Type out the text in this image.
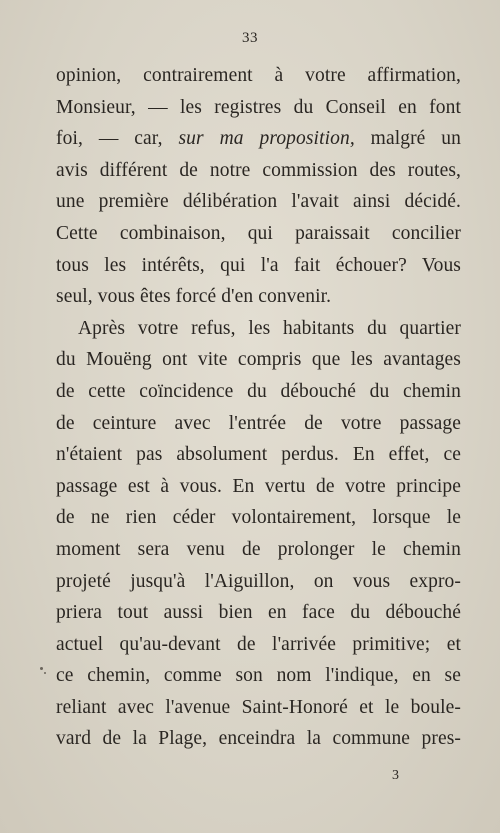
33
opinion, contrairement à votre affirmation,
Monsieur, — les registres du Conseil en font
foi, — car, sur ma proposition, malgré un
avis différent de notre commission des routes,
une première délibération l'avait ainsi décidé.
Cette combinaison, qui paraissait concilier
tous les intérêts, qui l'a fait échouer? Vous
seul, vous êtes forcé d'en convenir.
Après votre refus, les habitants du quartier
du Mouëng ont vite compris que les avantages
de cette coïncidence du débouché du chemin
de ceinture avec l'entrée de votre passage
n'étaient pas absolument perdus. En effet, ce
passage est à vous. En vertu de votre principe
de ne rien céder volontairement, lorsque le
moment sera venu de prolonger le chemin
projeté jusqu'à l'Aiguillon, on vous expro-
priera tout aussi bien en face du débouché
actuel qu'au-devant de l'arrivée primitive; et
ce chemin, comme son nom l'indique, en se
reliant avec l'avenue Saint-Honoré et le boule-
vard de la Plage, enceindra la commune pres-
3
